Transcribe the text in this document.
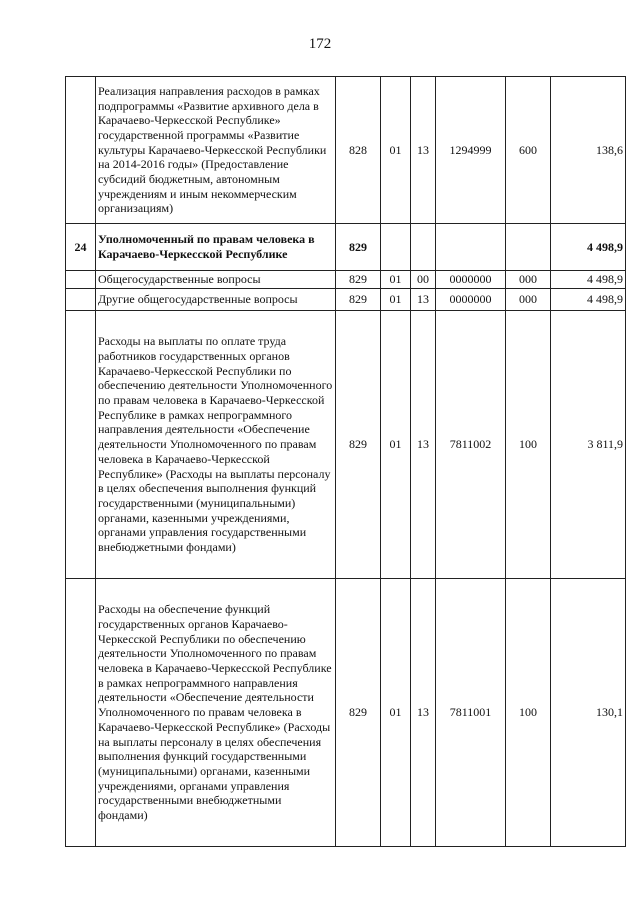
172
	Реализация направления расходов в рамках подпрограммы «Развитие архивного дела в Карачаево-Черкесской Республике» государственной программы «Развитие культуры Карачаево-Черкесской Республики на 2014-2016 годы» (Предоставление субсидий бюджетным, автономным учреждениям и иным некоммерческим организациям)	828	01	13	1294999	600	138,6
24	Уполномоченный по правам человека в Карачаево-Черкесской Республике	829					4 498,9
	Общегосударственные вопросы	829	01	00	0000000	000	4 498,9
	Другие общегосударственные вопросы	829	01	13	0000000	000	4 498,9
	Расходы на выплаты по оплате труда работников государственных органов Карачаево-Черкесской Республики по обеспечению деятельности Уполномоченного по правам человека в Карачаево-Черкесской Республике в рамках непрограммного направления деятельности «Обеспечение деятельности Уполномоченного по правам человека в Карачаево-Черкесской Республике» (Расходы на выплаты персоналу в целях обеспечения выполнения функций государственными (муниципальными) органами, казенными учреждениями, органами управления государственными внебюджетными фондами)	829	01	13	7811002	100	3 811,9
	Расходы на обеспечение функций государственных органов Карачаево-Черкесской Республики по обеспечению деятельности Уполномоченного по правам человека в Карачаево-Черкесской Республике в рамках непрограммного направления деятельности «Обеспечение деятельности Уполномоченного по правам человека в Карачаево-Черкесской Республике» (Расходы на выплаты персоналу в целях обеспечения выполнения функций государственными (муниципальными) органами, казенными учреждениями, органами управления государственными внебюджетными фондами)	829	01	13	7811001	100	130,1
